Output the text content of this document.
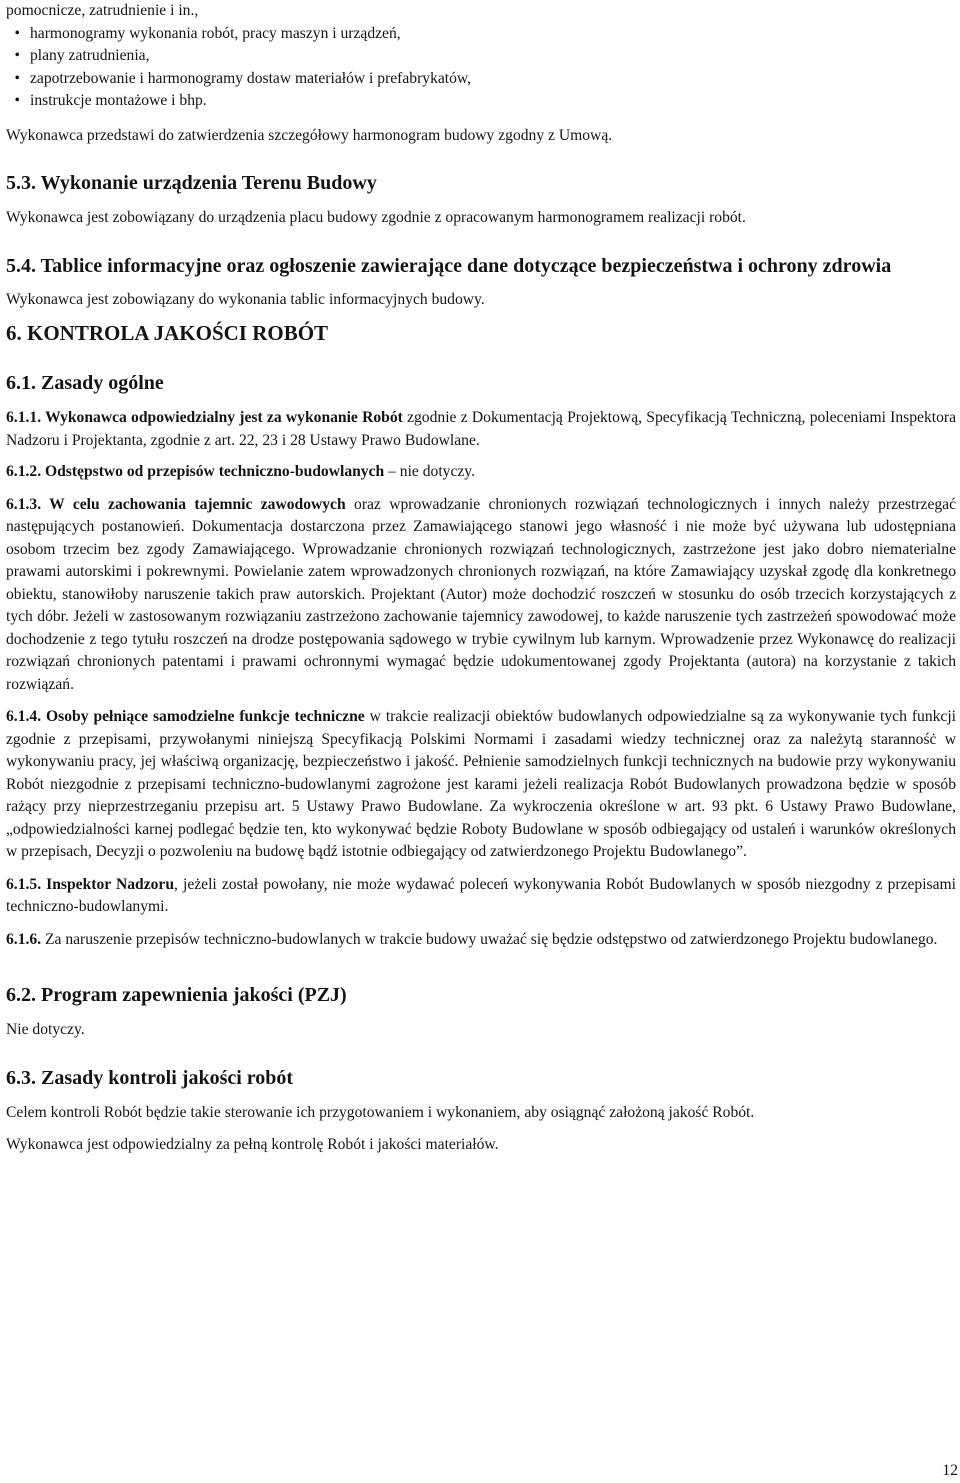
pomocnicze, zatrudnienie i in.,

• harmonogramy wykonania robót, pracy maszyn i urządzeń,
• plany zatrudnienia,
• zapotrzebowanie i harmonogramy dostaw materiałów i prefabrykatów,
• instrukcje montażowe i bhp.

Wykonawca przedstawi do zatwierdzenia szczegółowy harmonogram budowy zgodny z Umową.

5.3. Wykonanie urządzenia Terenu Budowy

Wykonawca jest zobowiązany do urządzenia placu budowy zgodnie z opracowanym harmonogramem realizacji robót.

5.4. Tablice informacyjne oraz ogłoszenie zawierające dane dotyczące bezpieczeństwa i ochrony zdrowia

Wykonawca jest zobowiązany do wykonania tablic informacyjnych budowy.

6. KONTROLA JAKOŚCI ROBÓT
6.1. Zasady ogólne

6.1.1. Wykonawca odpowiedzialny jest za wykonanie Robót zgodnie z Dokumentacją Projektową, Specyfikacją Techniczną, poleceniami Inspektora Nadzoru i Projektanta, zgodnie z art. 22, 23 i 28 Ustawy Prawo Budowlane.

6.1.2. Odstępstwo od przepisów techniczno-budowlanych – nie dotyczy.

6.1.3. W celu zachowania tajemnic zawodowych oraz wprowadzanie chronionych rozwiązań technologicznych i innych należy przestrzegać następujących postanowień. Dokumentacja dostarczona przez Zamawiającego stanowi jego własność i nie może być używana lub udostępniana osobom trzecim bez zgody Zamawiającego. Wprowadzanie chronionych rozwiązań technologicznych, zastrzeżone jest jako dobro niematerialne prawami autorskimi i pokrewnymi. Powielanie zatem wprowadzonych chronionych rozwiązań, na które Zamawiający uzyskał zgodę dla konkretnego obiektu, stanowiłoby naruszenie takich praw autorskich. Projektant (Autor) może dochodzić roszczeń w stosunku do osób trzecich korzystających z tych dóbr. Jeżeli w zastosowanym rozwiązaniu zastrzeżono zachowanie tajemnicy zawodowej, to każde naruszenie tych zastrzeżeń spowodować może dochodzenie z tego tytułu roszczeń na drodze postępowania sądowego w trybie cywilnym lub karnym. Wprowadzenie przez Wykonawcę do realizacji rozwiązań chronionych patentami i prawami ochronnymi wymagać będzie udokumentowanej zgody Projektanta (autora) na korzystanie z takich rozwiązań.

6.1.4. Osoby pełniące samodzielne funkcje techniczne w trakcie realizacji obiektów budowlanych odpowiedzialne są za wykonywanie tych funkcji zgodnie z przepisami, przywołanymi niniejszą Specyfikacją Polskimi Normami i zasadami wiedzy technicznej oraz za należytą starannośċ w wykonywaniu pracy, jej właściwą organizację, bezpieczeństwo i jakość. Pełnienie samodzielnych funkcji technicznych na budowie przy wykonywaniu Robót niezgodnie z przepisami techniczno-budowlanymi zagrożone jest karami jeżeli realizacja Robót Budowlanych prowadzona będzie w sposób rażący przy nieprzestrzeganiu przepisu art. 5 Ustawy Prawo Budowlane. Za wykroczenia określone w art. 93 pkt. 6 Ustawy Prawo Budowlane, „odpowiedzialności karnej podlegać będzie ten, kto wykonywać będzie Roboty Budowlane w sposób odbiegający od ustaleń i warunków określonych w przepisach, Decyzji o pozwoleniu na budowę bądź istotnie odbiegający od zatwierdzonego Projektu Budowlanego”.

6.1.5. Inspektor Nadzoru, jeżeli został powołany, nie może wydawać poleceń wykonywania Robót Budowlanych w sposób niezgodny z przepisami techniczno-budowlanymi.

6.1.6. Za naruszenie przepisów techniczno-budowlanych w trakcie budowy uważać się będzie odstępstwo od zatwierdzonego Projektu budowlanego.

6.2. Program zapewnienia jakości (PZJ)

Nie dotyczy.

6.3. Zasady kontroli jakości robót

Celem kontroli Robót będzie takie sterowanie ich przygotowaniem i wykonaniem, aby osiągnąć założoną jakość Robót.

Wykonawca jest odpowiedzialny za pełną kontrolę Robót i jakości materiałów.

12
